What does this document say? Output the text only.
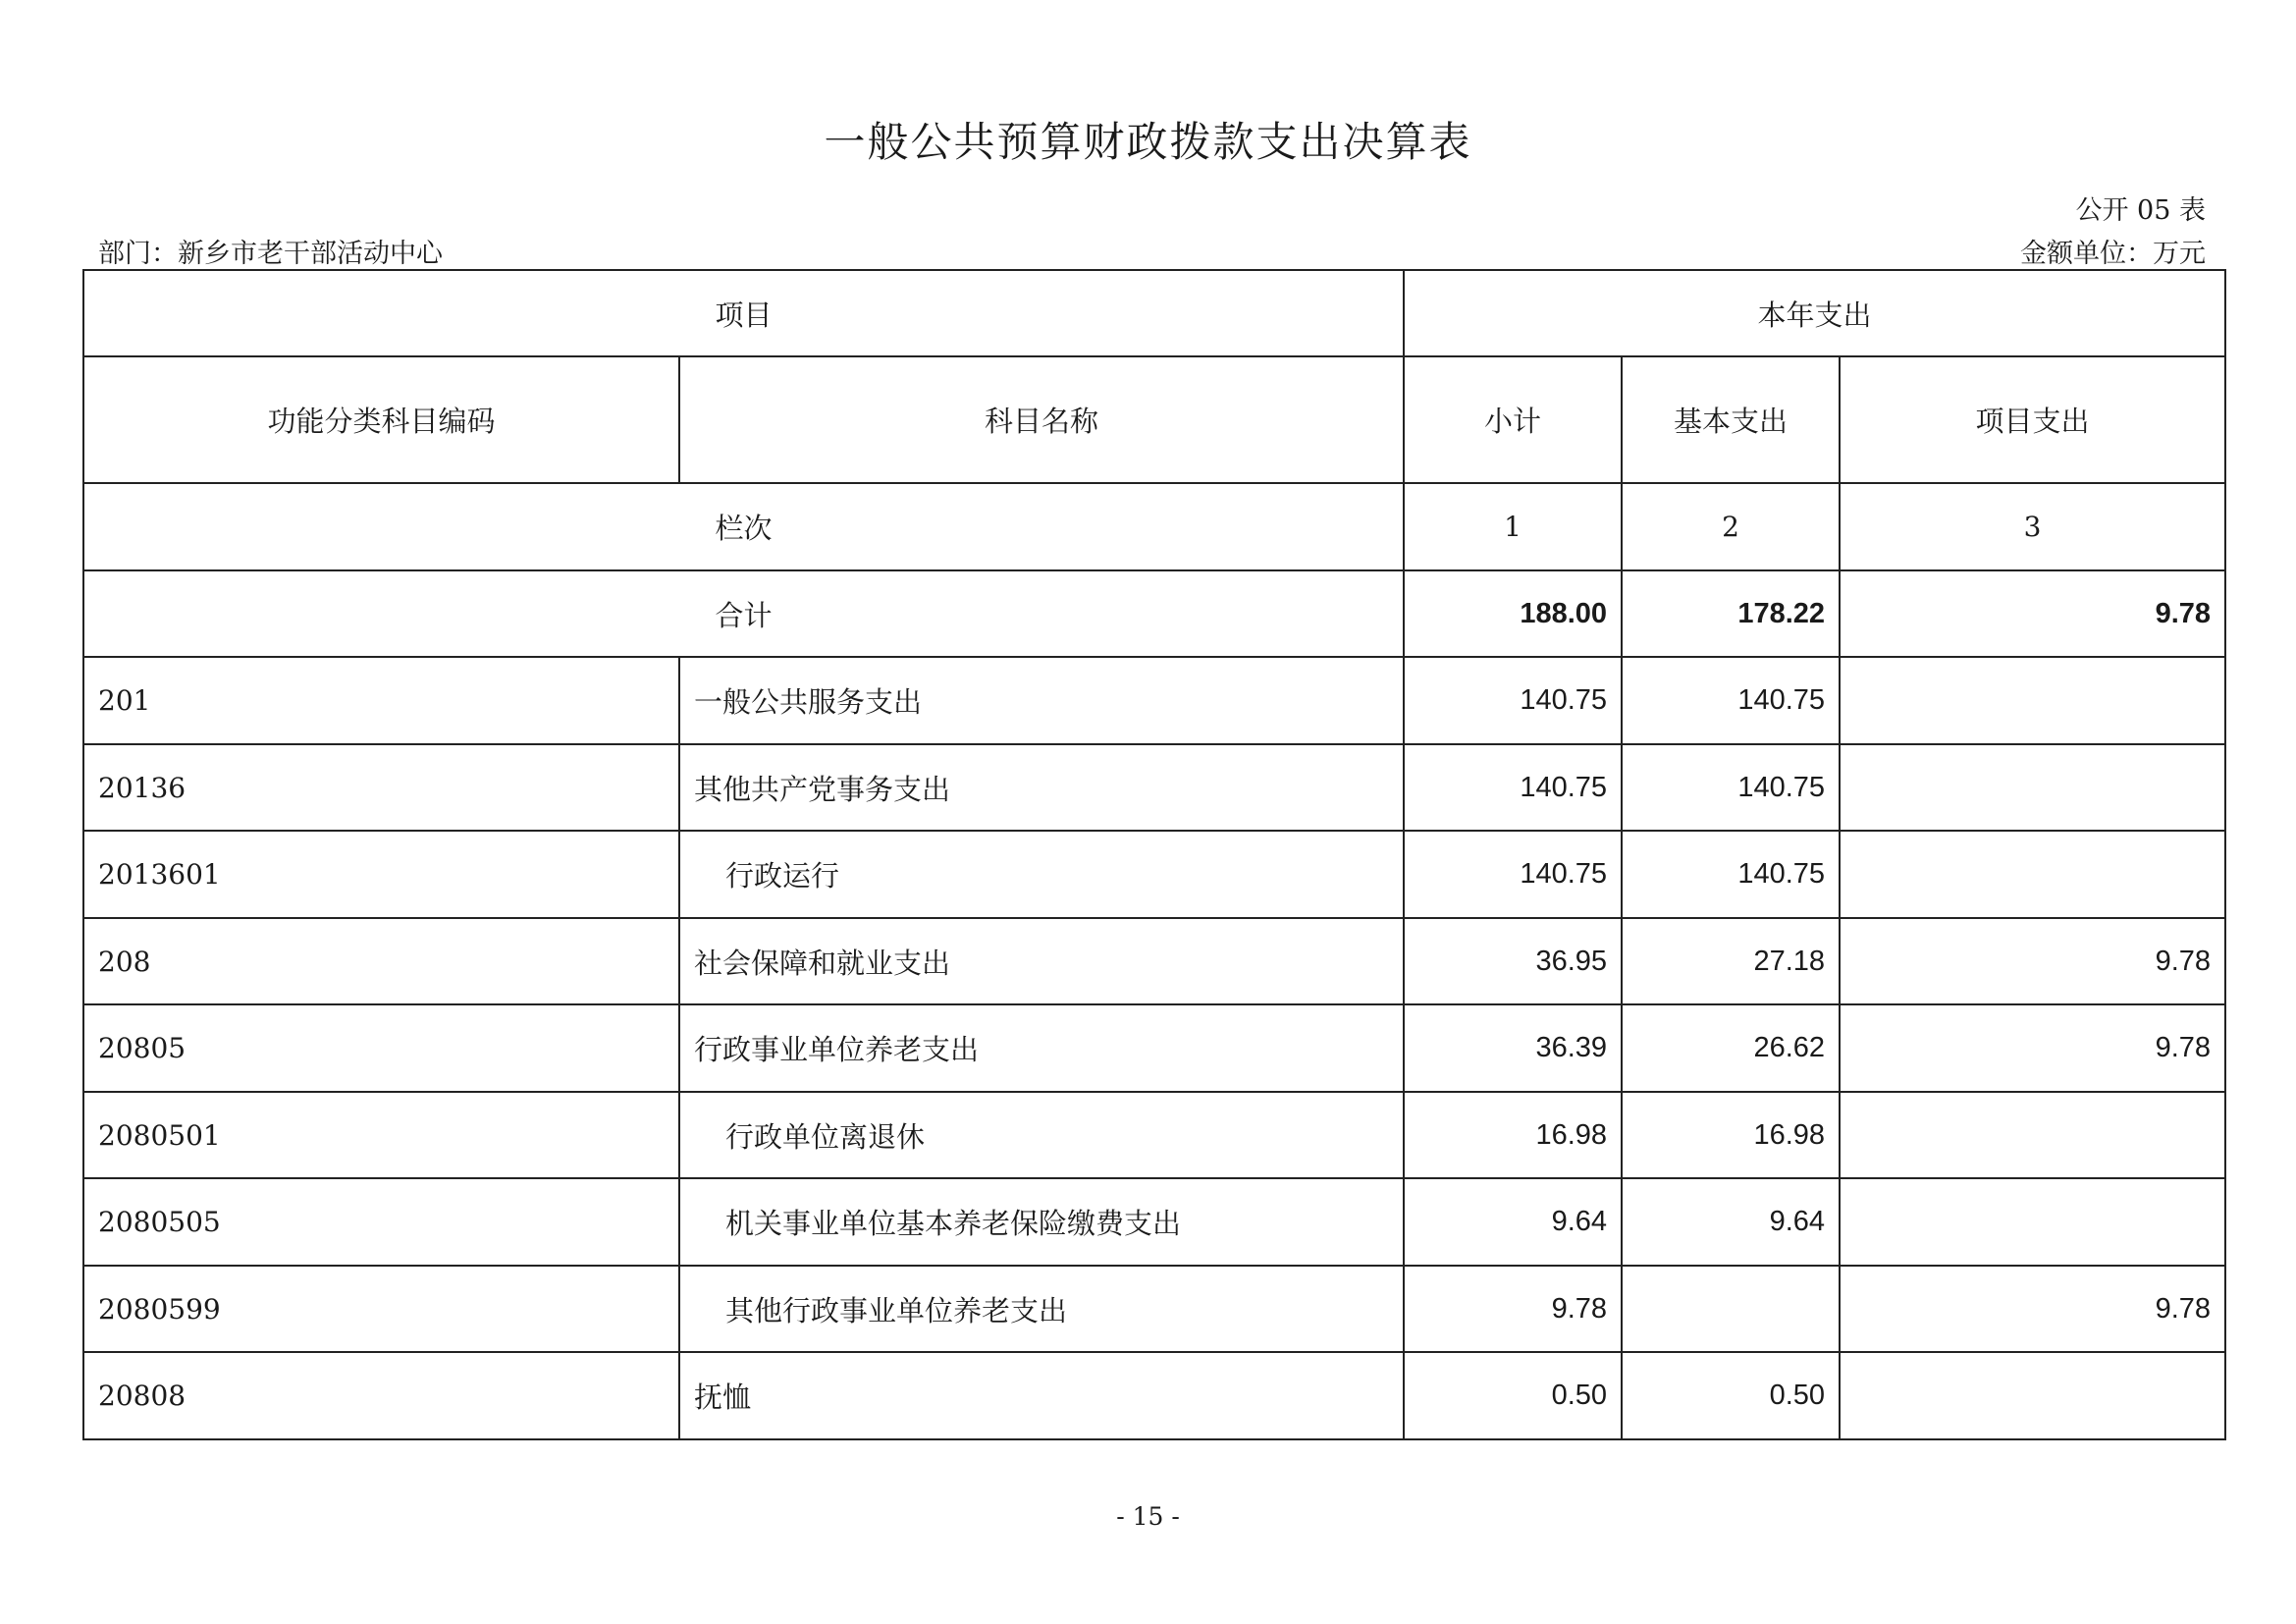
一般公共预算财政拨款支出决算表
公开 05 表
部门：新乡市老干部活动中心	金额单位：万元
项目		本年支出		
功能分类科目编码	科目名称	小计	基本支出	项目支出
栏次		1	2	3
合计		188.00	178.22	9.78
201	一般公共服务支出	140.75	140.75	
20136	其他共产党事务支出	140.75	140.75	
2013601	行政运行	140.75	140.75	
208	社会保障和就业支出	36.95	27.18	9.78
20805	行政事业单位养老支出	36.39	26.62	9.78
2080501	行政单位离退休	16.98	16.98	
2080505	机关事业单位基本养老保险缴费支出	9.64	9.64	
2080599	其他行政事业单位养老支出	9.78		9.78
20808	抚恤	0.50	0.50	
- 15 -
